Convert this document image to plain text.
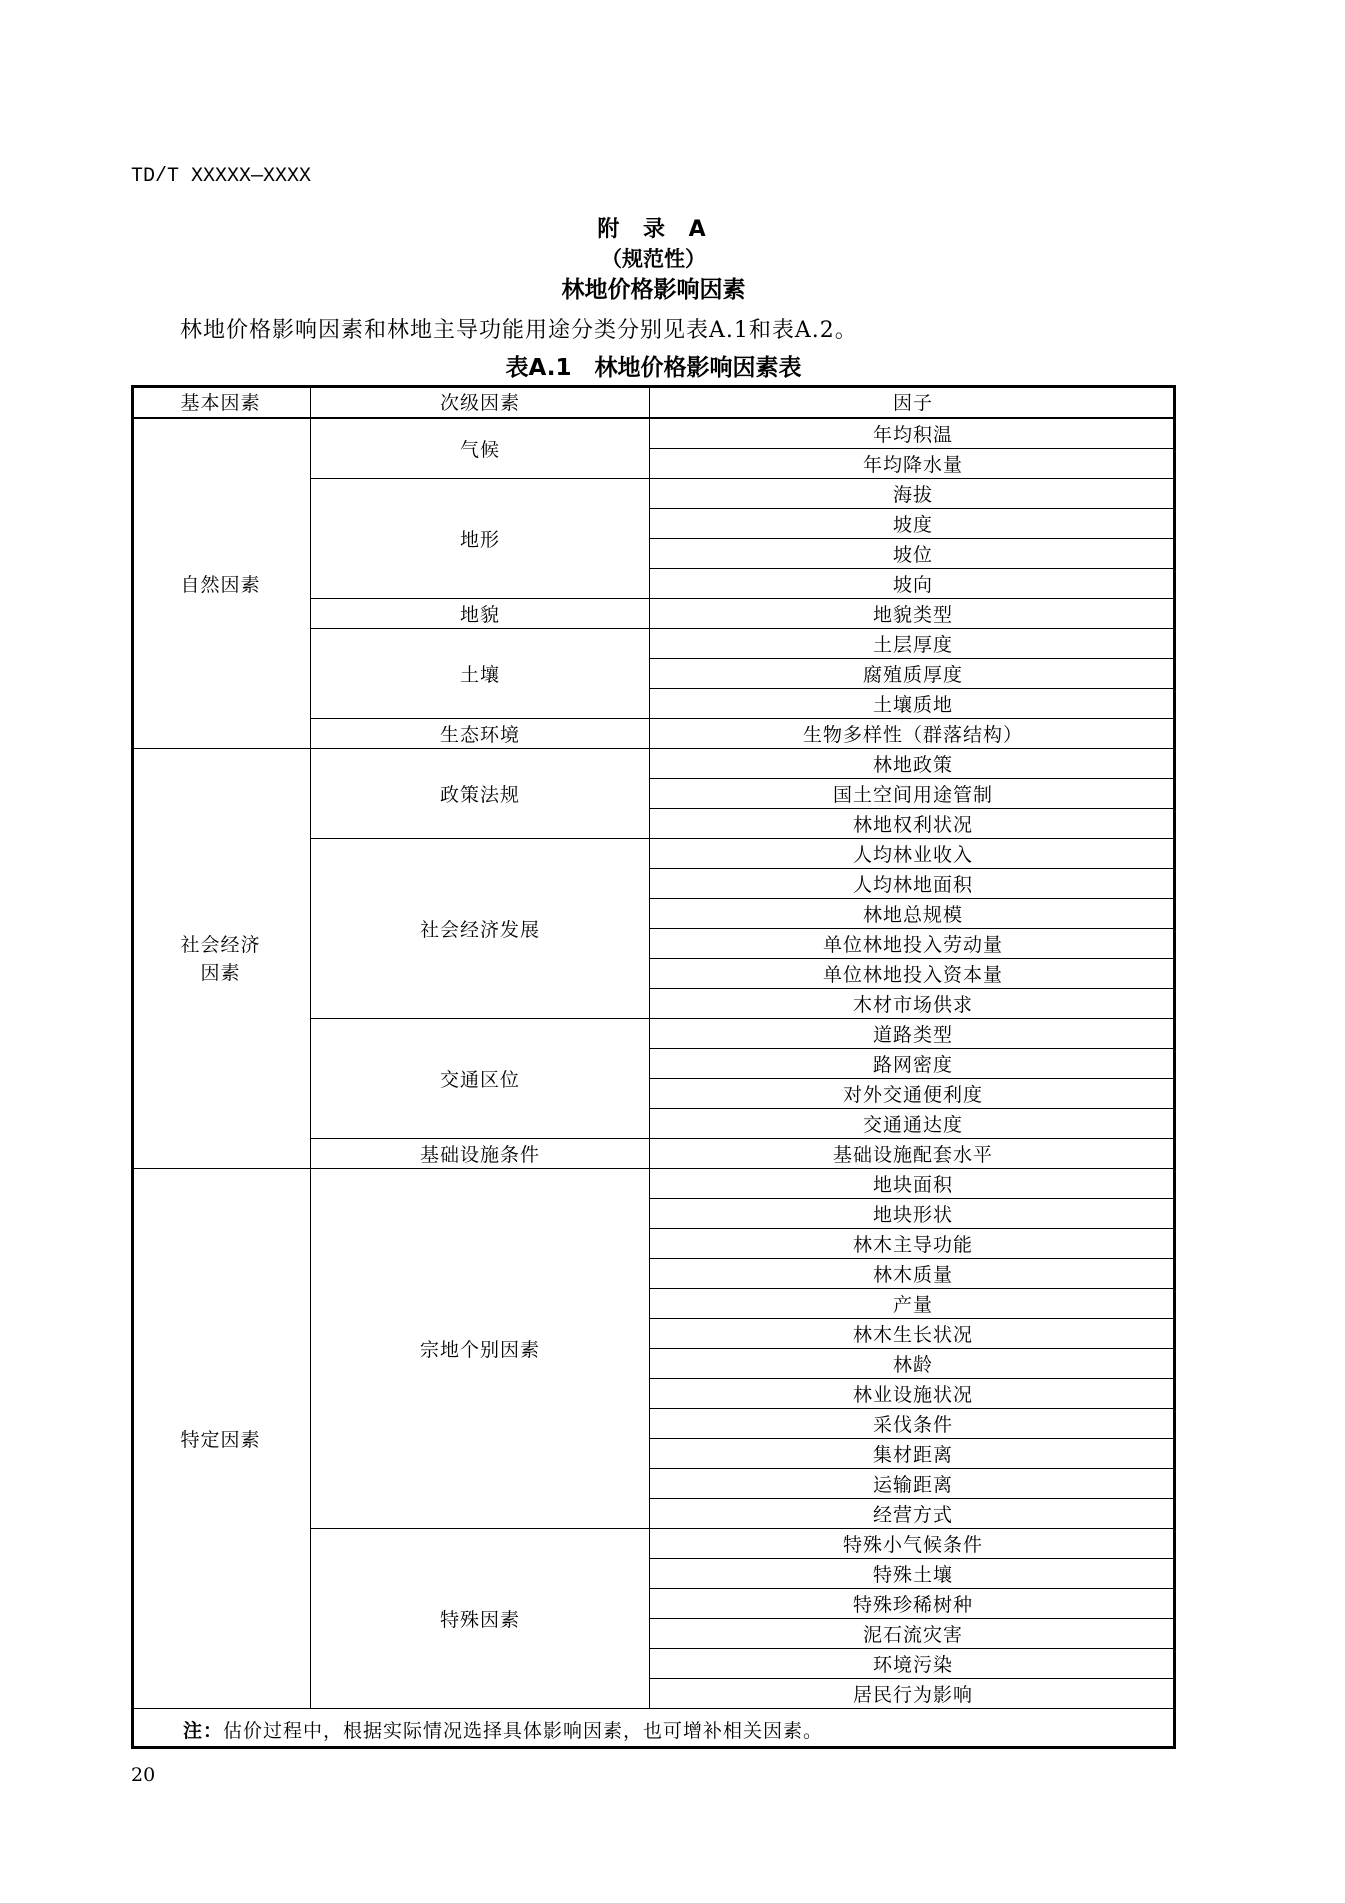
TD/T XXXXX—XXXX
附 录 A
（规范性）
林地价格影响因素
林地价格影响因素和林地主导功能用途分类分别见表A.1和表A.2。
表A.1　林地价格影响因素表
基本因素	次级因素	因子
自然因素
气候
地形
地貌
土壤
生态环境
年均积温
年均降水量
海拔
坡度
坡位
坡向
地貌类型
土层厚度
腐殖质厚度
土壤质地
生物多样性（群落结构）
社会经济因素
政策法规
社会经济发展
交通区位
基础设施条件
林地政策
国土空间用途管制
林地权利状况
人均林业收入
人均林地面积
林地总规模
单位林地投入劳动量
单位林地投入资本量
木材市场供求
道路类型
路网密度
对外交通便利度
交通通达度
基础设施配套水平
特定因素
宗地个别因素
特殊因素
地块面积
地块形状
林木主导功能
林木质量
产量
林木生长状况
林龄
林业设施状况
采伐条件
集材距离
运输距离
经营方式
特殊小气候条件
特殊土壤
特殊珍稀树种
泥石流灾害
环境污染
居民行为影响
注： 估价过程中，根据实际情况选择具体影响因素，也可增补相关因素。
20
